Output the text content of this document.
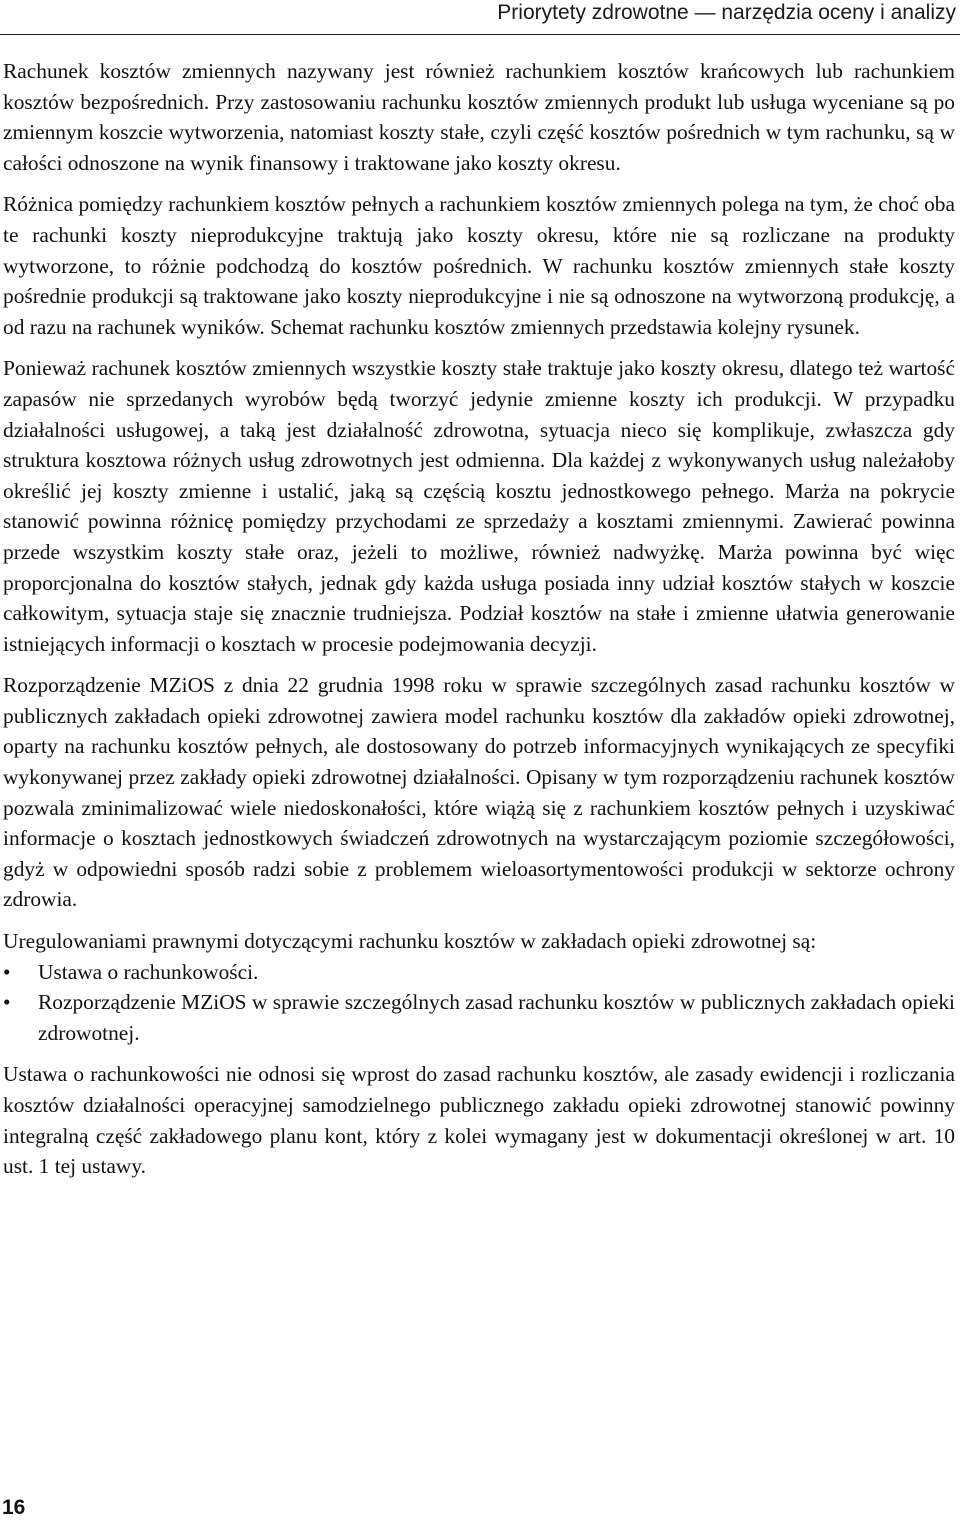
Priorytety zdrowotne — narzędzia oceny i analizy

Rachunek kosztów zmiennych nazywany jest również rachunkiem kosztów krańcowych lub rachunkiem kosztów bezpośrednich. Przy zastosowaniu rachunku kosztów zmiennych produkt lub usługa wyceniane są po zmiennym koszcie wytworzenia, natomiast koszty stałe, czyli część kosztów pośrednich w tym rachunku, są w całości odnoszone na wynik finansowy i traktowane jako koszty okresu.

Różnica pomiędzy rachunkiem kosztów pełnych a rachunkiem kosztów zmiennych polega na tym, że choć oba te rachunki koszty nieprodukcyjne traktują jako koszty okresu, które nie są rozliczane na produkty wytworzone, to różnie podchodzą do kosztów pośrednich. W rachunku kosztów zmiennych stałe koszty pośrednie produkcji są traktowane jako koszty nieprodukcyjne i nie są odnoszone na wytworzoną produkcję, a od razu na rachunek wyników. Schemat rachunku kosztów zmiennych przedstawia kolejny rysunek.

Ponieważ rachunek kosztów zmiennych wszystkie koszty stałe traktuje jako koszty okresu, dlatego też wartość zapasów nie sprzedanych wyrobów będą tworzyć jedynie zmienne koszty ich produkcji. W przypadku działalności usługowej, a taką jest działalność zdrowotna, sytuacja nieco się komplikuje, zwłaszcza gdy struktura kosztowa różnych usług zdrowotnych jest odmienna. Dla każdej z wykonywanych usług należałoby określić jej koszty zmienne i ustalić, jaką są częścią kosztu jednostkowego pełnego. Marża na pokrycie stanowić powinna różnicę pomiędzy przychodami ze sprzedaży a kosztami zmiennymi. Zawierać powinna przede wszystkim koszty stałe oraz, jeżeli to możliwe, również nadwyżkę. Marża powinna być więc proporcjonalna do kosztów stałych, jednak gdy każda usługa posiada inny udział kosztów stałych w koszcie całkowitym, sytuacja staje się znacznie trudniejsza. Podział kosztów na stałe i zmienne ułatwia generowanie istniejących informacji o kosztach w procesie podejmowania decyzji.

Rozporządzenie MZiOS z dnia 22 grudnia 1998 roku w sprawie szczególnych zasad rachunku kosztów w publicznych zakładach opieki zdrowotnej zawiera model rachunku kosztów dla zakładów opieki zdrowotnej, oparty na rachunku kosztów pełnych, ale dostosowany do potrzeb informacyjnych wynikających ze specyfiki wykonywanej przez zakłady opieki zdrowotnej działalności. Opisany w tym rozporządzeniu rachunek kosztów pozwala zminimalizować wiele niedoskonałości, które wiążą się z rachunkiem kosztów pełnych i uzyskiwać informacje o kosztach jednostkowych świadczeń zdrowotnych na wystarczającym poziomie szczegółowości, gdyż w odpowiedni sposób radzi sobie z problemem wieloasortymentowości produkcji w sektorze ochrony zdrowia.

Uregulowaniami prawnymi dotyczącymi rachunku kosztów w zakładach opieki zdrowotnej są:

•	Ustawa o rachunkowości.
•	Rozporządzenie MZiOS w sprawie szczególnych zasad rachunku kosztów w publicznych zakładach opieki zdrowotnej.

Ustawa o rachunkowości nie odnosi się wprost do zasad rachunku kosztów, ale zasady ewidencji i rozliczania kosztów działalności operacyjnej samodzielnego publicznego zakładu opieki zdrowotnej stanowić powinny integralną część zakładowego planu kont, który z kolei wymagany jest w dokumentacji określonej w art. 10 ust. 1 tej ustawy.

16
